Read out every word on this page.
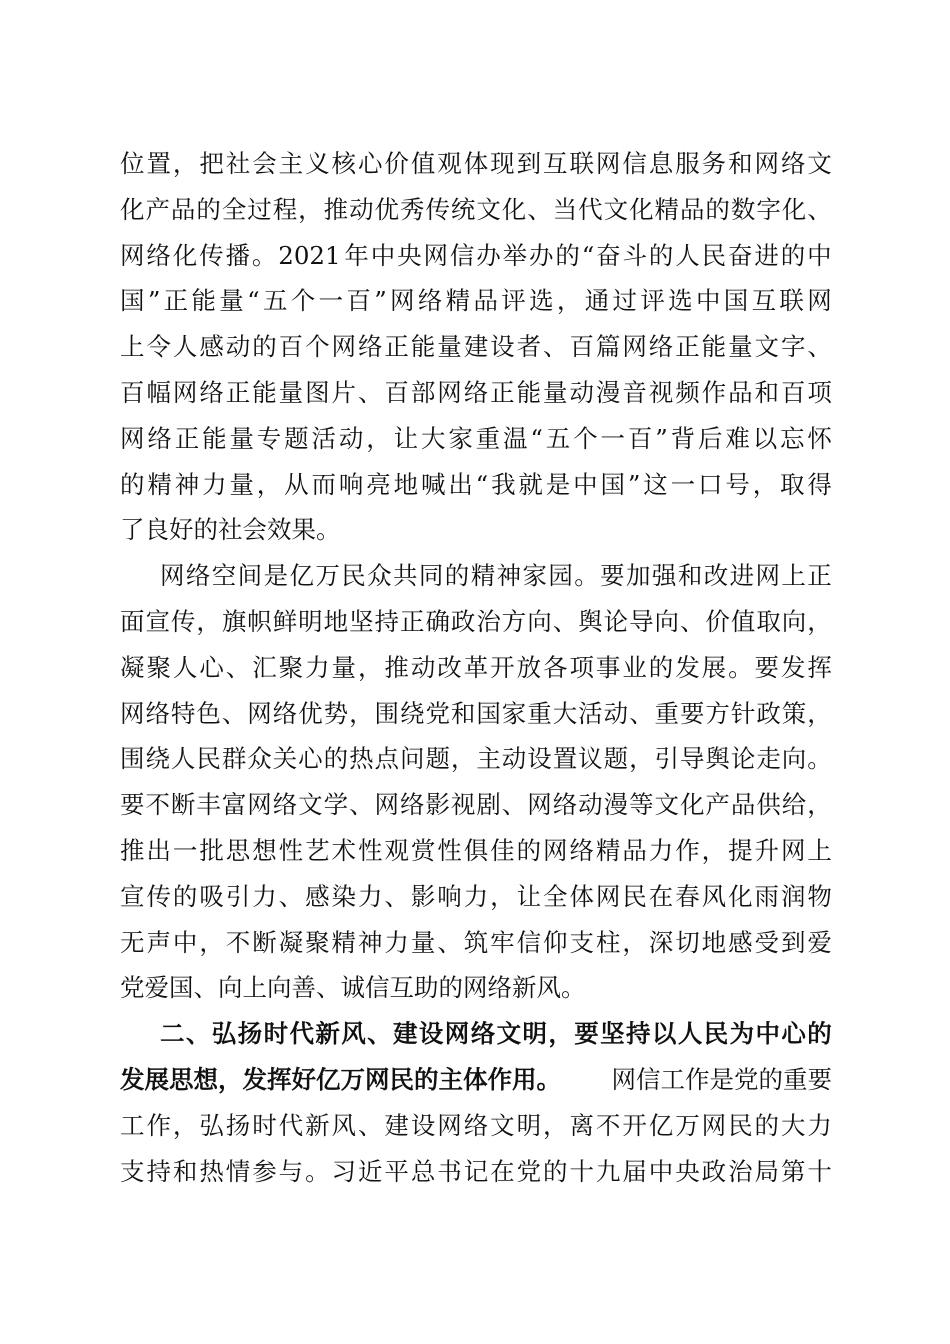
位 置 ， 把 社 会 主 义 核 心 价 值 观 体 现 到 互 联 网 信 息 服 务 和 网 络 文
化 产 品 的 全 过 程 ， 推 动 优 秀 传 统 文 化 、 当 代 文 化 精 品 的 数 字 化 、
网 络 化 传 播 。 2021 年 中 央 网 信 办 举 办 的 “ 奋 斗 的 人 民 奋 进 的 中
国 ” 正 能 量 “ 五 个 一 百 ” 网 络 精 品 评 选 ， 通 过 评 选 中 国 互 联 网
上 令 人 感 动 的 百 个 网 络 正 能 量 建 设 者 、 百 篇 网 络 正 能 量 文 字 、
百 幅 网 络 正 能 量 图 片 、 百 部 网 络 正 能 量 动 漫 音 视 频 作 品 和 百 项
网 络 正 能 量 专 题 活 动 ， 让 大 家 重 温 “ 五 个 一 百 ” 背 后 难 以 忘 怀
的 精 神 力 量 ， 从 而 响 亮 地 喊 出 “ 我 就 是 中 国 ” 这 一 口 号 ， 取 得
了良好的社会效果。
网 络 空 间 是 亿 万 民 众 共 同 的 精 神 家 园 。 要 加 强 和 改 进 网 上 正
面 宣 传 ， 旗 帜 鲜 明 地 坚 持 正 确 政 治 方 向 、 舆 论 导 向 、 价 值 取 向 ，
凝 聚 人 心 、 汇 聚 力 量 ， 推 动 改 革 开 放 各 项 事 业 的 发 展 。 要 发 挥
网 络 特 色 、 网 络 优 势 ， 围 绕 党 和 国 家 重 大 活 动 、 重 要 方 针 政 策 ，
围 绕 人 民 群 众 关 心 的 热 点 问 题 ， 主 动 设 置 议 题 ， 引 导 舆 论 走 向 。
要 不 断 丰 富 网 络 文 学 、 网 络 影 视 剧 、 网 络 动 漫 等 文 化 产 品 供 给 ，
推 出 一 批 思 想 性 艺 术 性 观 赏 性 俱 佳 的 网 络 精 品 力 作 ， 提 升 网 上
宣 传 的 吸 引 力 、 感 染 力 、 影 响 力 ， 让 全 体 网 民 在 春 风 化 雨 润 物
无 声 中 ， 不 断 凝 聚 精 神 力 量 、 筑 牢 信 仰 支 柱 ， 深 切 地 感 受 到 爱
党爱国、向上向善、诚信互助的网络新风。
二 、 弘 扬 时 代 新 风 、 建 设 网 络 文 明 ， 要 坚 持 以 人 民 为 中 心 的
发展思想，发挥好亿万网民的主体作用。 网信工作是党的重要
工 作 ， 弘 扬 时 代 新 风 、 建 设 网 络 文 明 ， 离 不 开 亿 万 网 民 的 大 力
支 持 和 热 情 参 与 。 习 近 平 总 书 记 在 党 的 十 九 届 中 央 政 治 局 第 十
